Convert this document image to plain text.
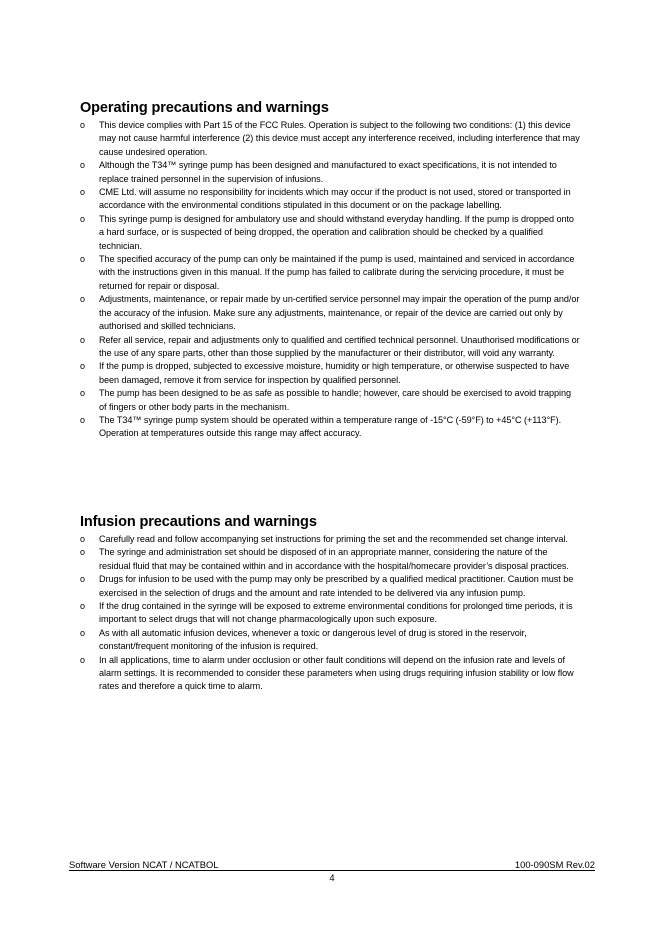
Operating precautions and warnings
o This device complies with Part 15 of the FCC Rules. Operation is subject to the following two conditions: (1) this device may not cause harmful interference (2) this device must accept any interference received, including interference that may cause undesired operation.
o Although the T34™ syringe pump has been designed and manufactured to exact specifications, it is not intended to replace trained personnel in the supervision of infusions.
o CME Ltd. will assume no responsibility for incidents which may occur if the product is not used, stored or transported in accordance with the environmental conditions stipulated in this document or on the package labelling.
o This syringe pump is designed for ambulatory use and should withstand everyday handling. If the pump is dropped onto a hard surface, or is suspected of being dropped, the operation and calibration should be checked by a qualified technician.
o The specified accuracy of the pump can only be maintained if the pump is used, maintained and serviced in accordance with the instructions given in this manual. If the pump has failed to calibrate during the servicing procedure, it must be returned for repair or disposal.
o Adjustments, maintenance, or repair made by un-certified service personnel may impair the operation of the pump and/or the accuracy of the infusion. Make sure any adjustments, maintenance, or repair of the device are carried out only by authorised and skilled technicians.
o Refer all service, repair and adjustments only to qualified and certified technical personnel. Unauthorised modifications or the use of any spare parts, other than those supplied by the manufacturer or their distributor, will void any warranty.
o If the pump is dropped, subjected to excessive moisture, humidity or high temperature, or otherwise suspected to have been damaged, remove it from service for inspection by qualified personnel.
o The pump has been designed to be as safe as possible to handle; however, care should be exercised to avoid trapping of fingers or other body parts in the mechanism.
o The T34™ syringe pump system should be operated within a temperature range of -15°C (-59°F) to +45°C (+113°F). Operation at temperatures outside this range may affect accuracy.
Infusion precautions and warnings
o Carefully read and follow accompanying set instructions for priming the set and the recommended set change interval.
o The syringe and administration set should be disposed of in an appropriate manner, considering the nature of the residual fluid that may be contained within and in accordance with the hospital/homecare provider’s disposal practices.
o Drugs for infusion to be used with the pump may only be prescribed by a qualified medical practitioner. Caution must be exercised in the selection of drugs and the amount and rate intended to be delivered via any infusion pump.
o If the drug contained in the syringe will be exposed to extreme environmental conditions for prolonged time periods, it is important to select drugs that will not change pharmacologically upon such exposure.
o As with all automatic infusion devices, whenever a toxic or dangerous level of drug is stored in the reservoir, constant/frequent monitoring of the infusion is required.
o In all applications, time to alarm under occlusion or other fault conditions will depend on the infusion rate and levels of alarm settings. It is recommended to consider these parameters when using drugs requiring infusion stability or low flow rates and therefore a quick time to alarm.
Software Version NCAT / NCATBOL	100-090SM Rev.02
4
